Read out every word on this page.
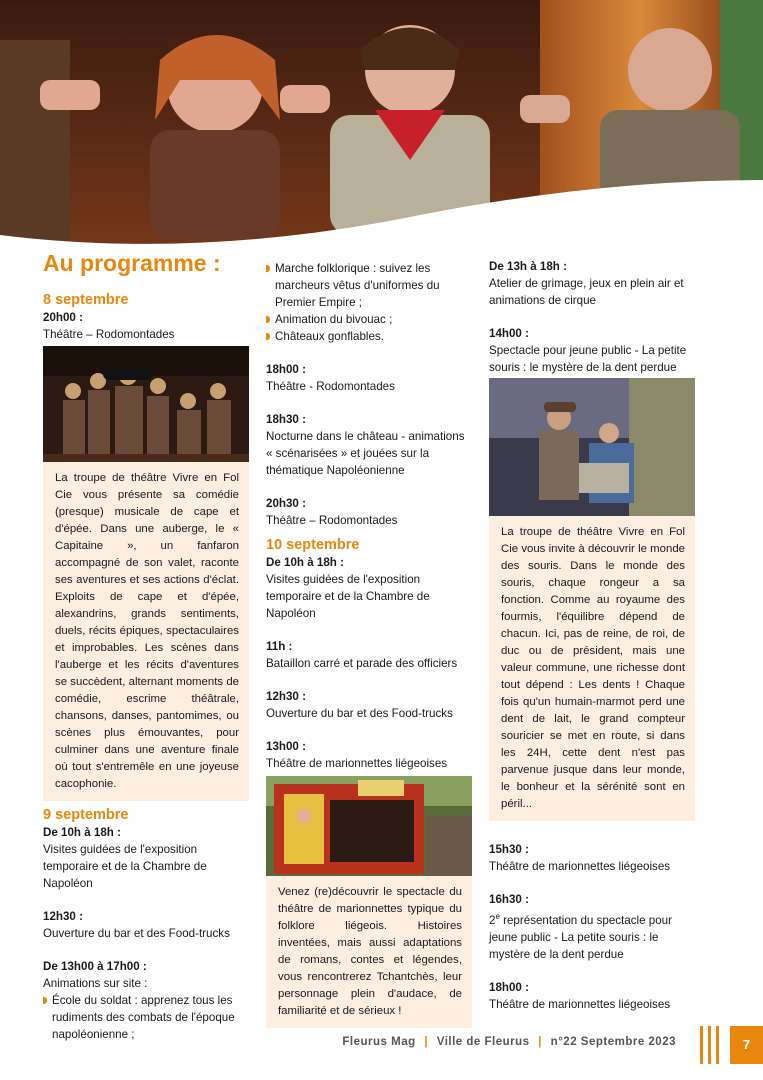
Au programme :

8 septembre

20h00 :

Théâtre – Rodomontades

La troupe de théâtre Vivre en Fol Cie vous présente sa comédie (presque) musicale de cape et d'épée. Dans une auberge, le « Capitaine », un fanfaron accompagné de son valet, raconte ses aventures et ses actions d'éclat. Exploits de cape et d'épée, alexandrins, grands sentiments, duels, récits épiques, spectaculaires et improbables. Les scènes dans l'auberge et les récits d'aventures se succèdent, alternant moments de comédie, escrime théâtrale, chansons, danses, pantomimes, ou scènes plus émouvantes, pour culminer dans une aventure finale où tout s'entremêle en une joyeuse cacophonie.

9 septembre

De 10h à 18h :

Visites guidées de l'exposition temporaire et de la Chambre de Napoléon

12h30 :

Ouverture du bar et des Food-trucks

De 13h00 à 17h00 :

Animations sur site :

École du soldat : apprenez tous les rudiments des combats de l'époque napoléonienne ;

Marche folklorique : suivez les marcheurs vêtus d'uniformes du Premier Empire ;

Animation du bivouac ;

Châteaux gonflables.

18h00 :

Théâtre - Rodomontades

18h30 :

Nocturne dans le château - animations « scénarisées » et jouées sur la thématique Napoléonienne

20h30 :

Théâtre – Rodomontades

10 septembre

De 10h à 18h :

Visites guidées de l'exposition temporaire et de la Chambre de Napoléon

11h :

Bataillon carré et parade des officiers

12h30 :

Ouverture du bar et des Food-trucks

13h00 :

Théâtre de marionnettes liégeoises

Venez (re)découvrir le spectacle du théâtre de marionnettes typique du folklore liégeois. Histoires inventées, mais aussi adaptations de romans, contes et légendes, vous rencontrerez Tchantchès, leur personnage plein d'audace, de familiarité et de sérieux !

De 13h à 18h :

Atelier de grimage, jeux en plein air et animations de cirque

14h00 :

Spectacle pour jeune public - La petite souris : le mystère de la dent perdue

La troupe de théâtre Vivre en Fol Cie vous invite à découvrir le monde des souris. Dans le monde des souris, chaque rongeur a sa fonction. Comme au royaume des fourmis, l'équilibre dépend de chacun. Ici, pas de reine, de roi, de duc ou de président, mais une valeur commune, une richesse dont tout dépend : Les dents ! Chaque fois qu'un humain-marmot perd une dent de lait, le grand compteur souricier se met en route, si dans les 24H, cette dent n'est pas parvenue jusque dans leur monde, le bonheur et la sérénité sont en péril...

15h30 :

Théâtre de marionnettes liégeoises

16h30 :

2e représentation du spectacle pour jeune public - La petite souris : le mystère de la dent perdue

18h00 :

Théâtre de marionnettes liégeoises

Fleurus Mag | Ville de Fleurus | n°22 Septembre 2023	7
